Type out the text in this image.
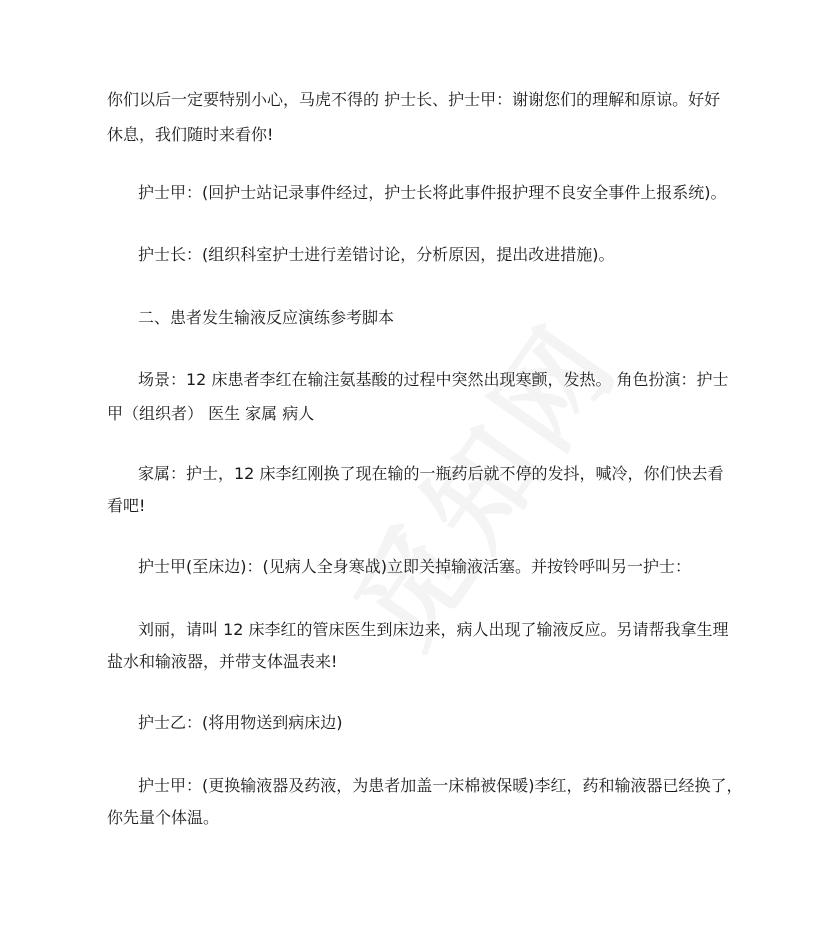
你们以后一定要特别小心，马虎不得的 护士长、护士甲：谢谢您们的理解和原谅。好好
休息，我们随时来看你!
护士甲：(回护士站记录事件经过，护士长将此事件报护理不良安全事件上报系统)。
护士长：(组织科室护士进行差错讨论，分析原因，提出改进措施)。
二、患者发生输液反应演练参考脚本
场景：12 床患者李红在输注氨基酸的过程中突然出现寒颤，发热。 角色扮演：护士
甲（组织者） 医生 家属 病人
家属：护士，12 床李红刚换了现在输的一瓶药后就不停的发抖，喊冷，你们快去看
看吧!
护士甲(至床边)：(见病人全身寒战)立即关掉输液活塞。并按铃呼叫另一护士：
刘丽，请叫 12 床李红的管床医生到床边来，病人出现了输液反应。另请帮我拿生理
盐水和输液器，并带支体温表来!
护士乙：(将用物送到病床边)
护士甲：(更换输液器及药液，为患者加盖一床棉被保暖)李红，药和输液器已经换了，
你先量个体温。
